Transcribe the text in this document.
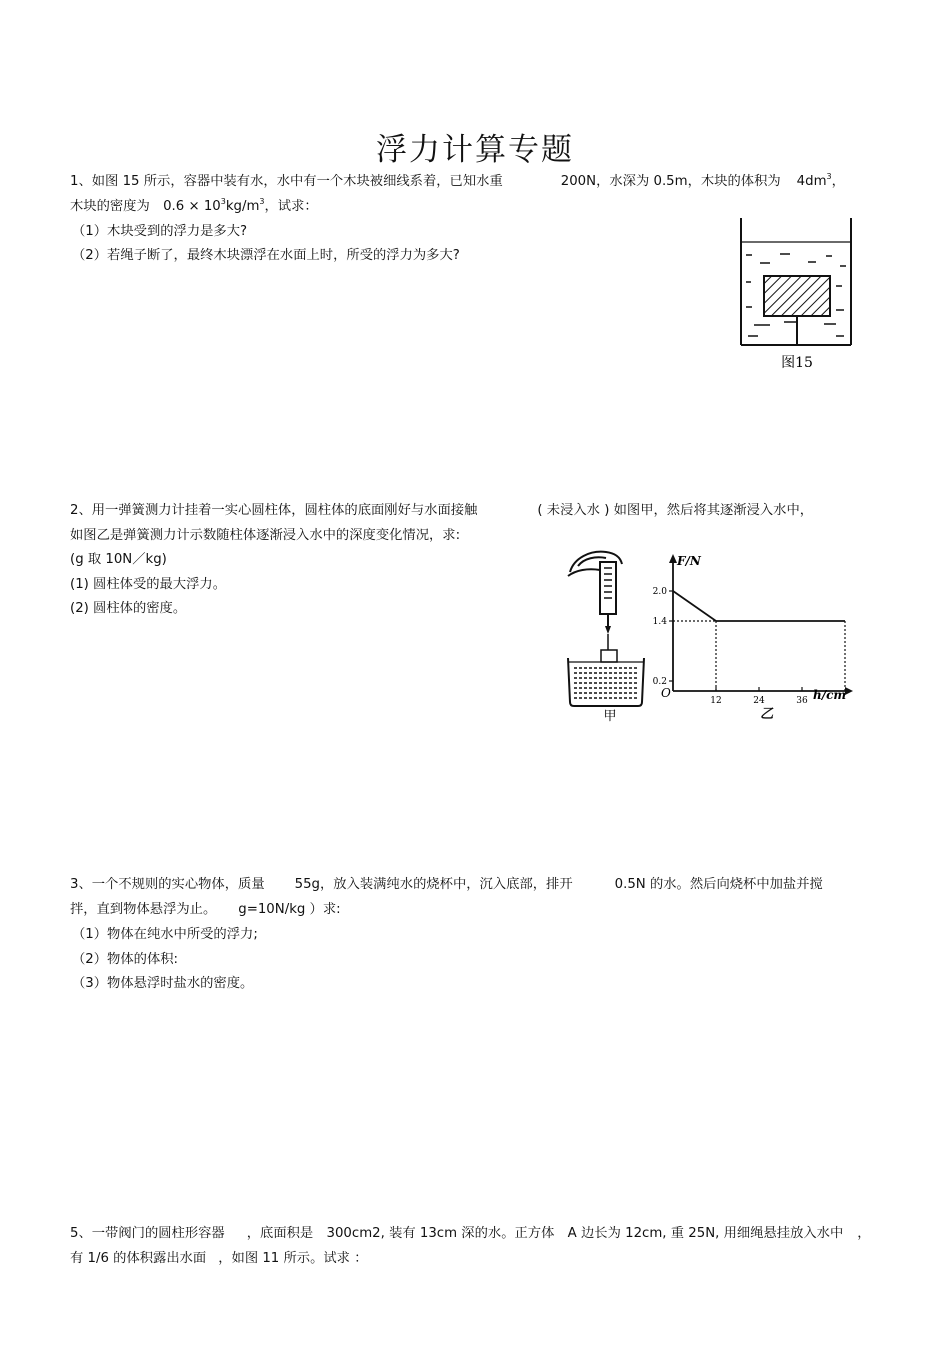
浮力计算专题
1、如图 15 所示，容器中装有水，水中有一个木块被细线系着，已知水重	200N，水深为 0.5m，木块的体积为 $4dm^3$，
木块的密度为　$0.6 \times 10^3kg/m^3$，试求：
（1）木块受到的浮力是多大?
（2）若绳子断了，最终木块漂浮在水面上时，所受的浮力为多大?
图15
2、用一弹簧测力计挂着一实心圆柱体，圆柱体的底面刚好与水面接触	( 未浸入水 ) 如图甲，然后将其逐渐浸入水中，
如图乙是弹簧测力计示数随柱体逐渐浸入水中的深度变化情况，求:
(g 取 10N／kg)
(1) 圆柱体受的最大浮力。
(2) 圆柱体的密度。
甲
F/N
h/cm
O
0.2
1.4
2.0
12	24	36
乙
3、一个不规则的实心物体，质量 55g，放入装满纯水的烧杯中，沉入底部，排开	0.5N 的水。然后向烧杯中加盐并搅
拌，直到物体悬浮为止。 g=10N/kg ）求:
（1）物体在纯水中所受的浮力;
（2）物体的体积:
（3）物体悬浮时盐水的密度。
5、一带阀门的圆柱形容器 ，底面积是　300cm2, 装有 13cm 深的水。正方体　A 边长为 12cm, 重 25N, 用细绳悬挂放入水中 ，
有 1/6 的体积露出水面 ，如图 11 所示。试求 ：
